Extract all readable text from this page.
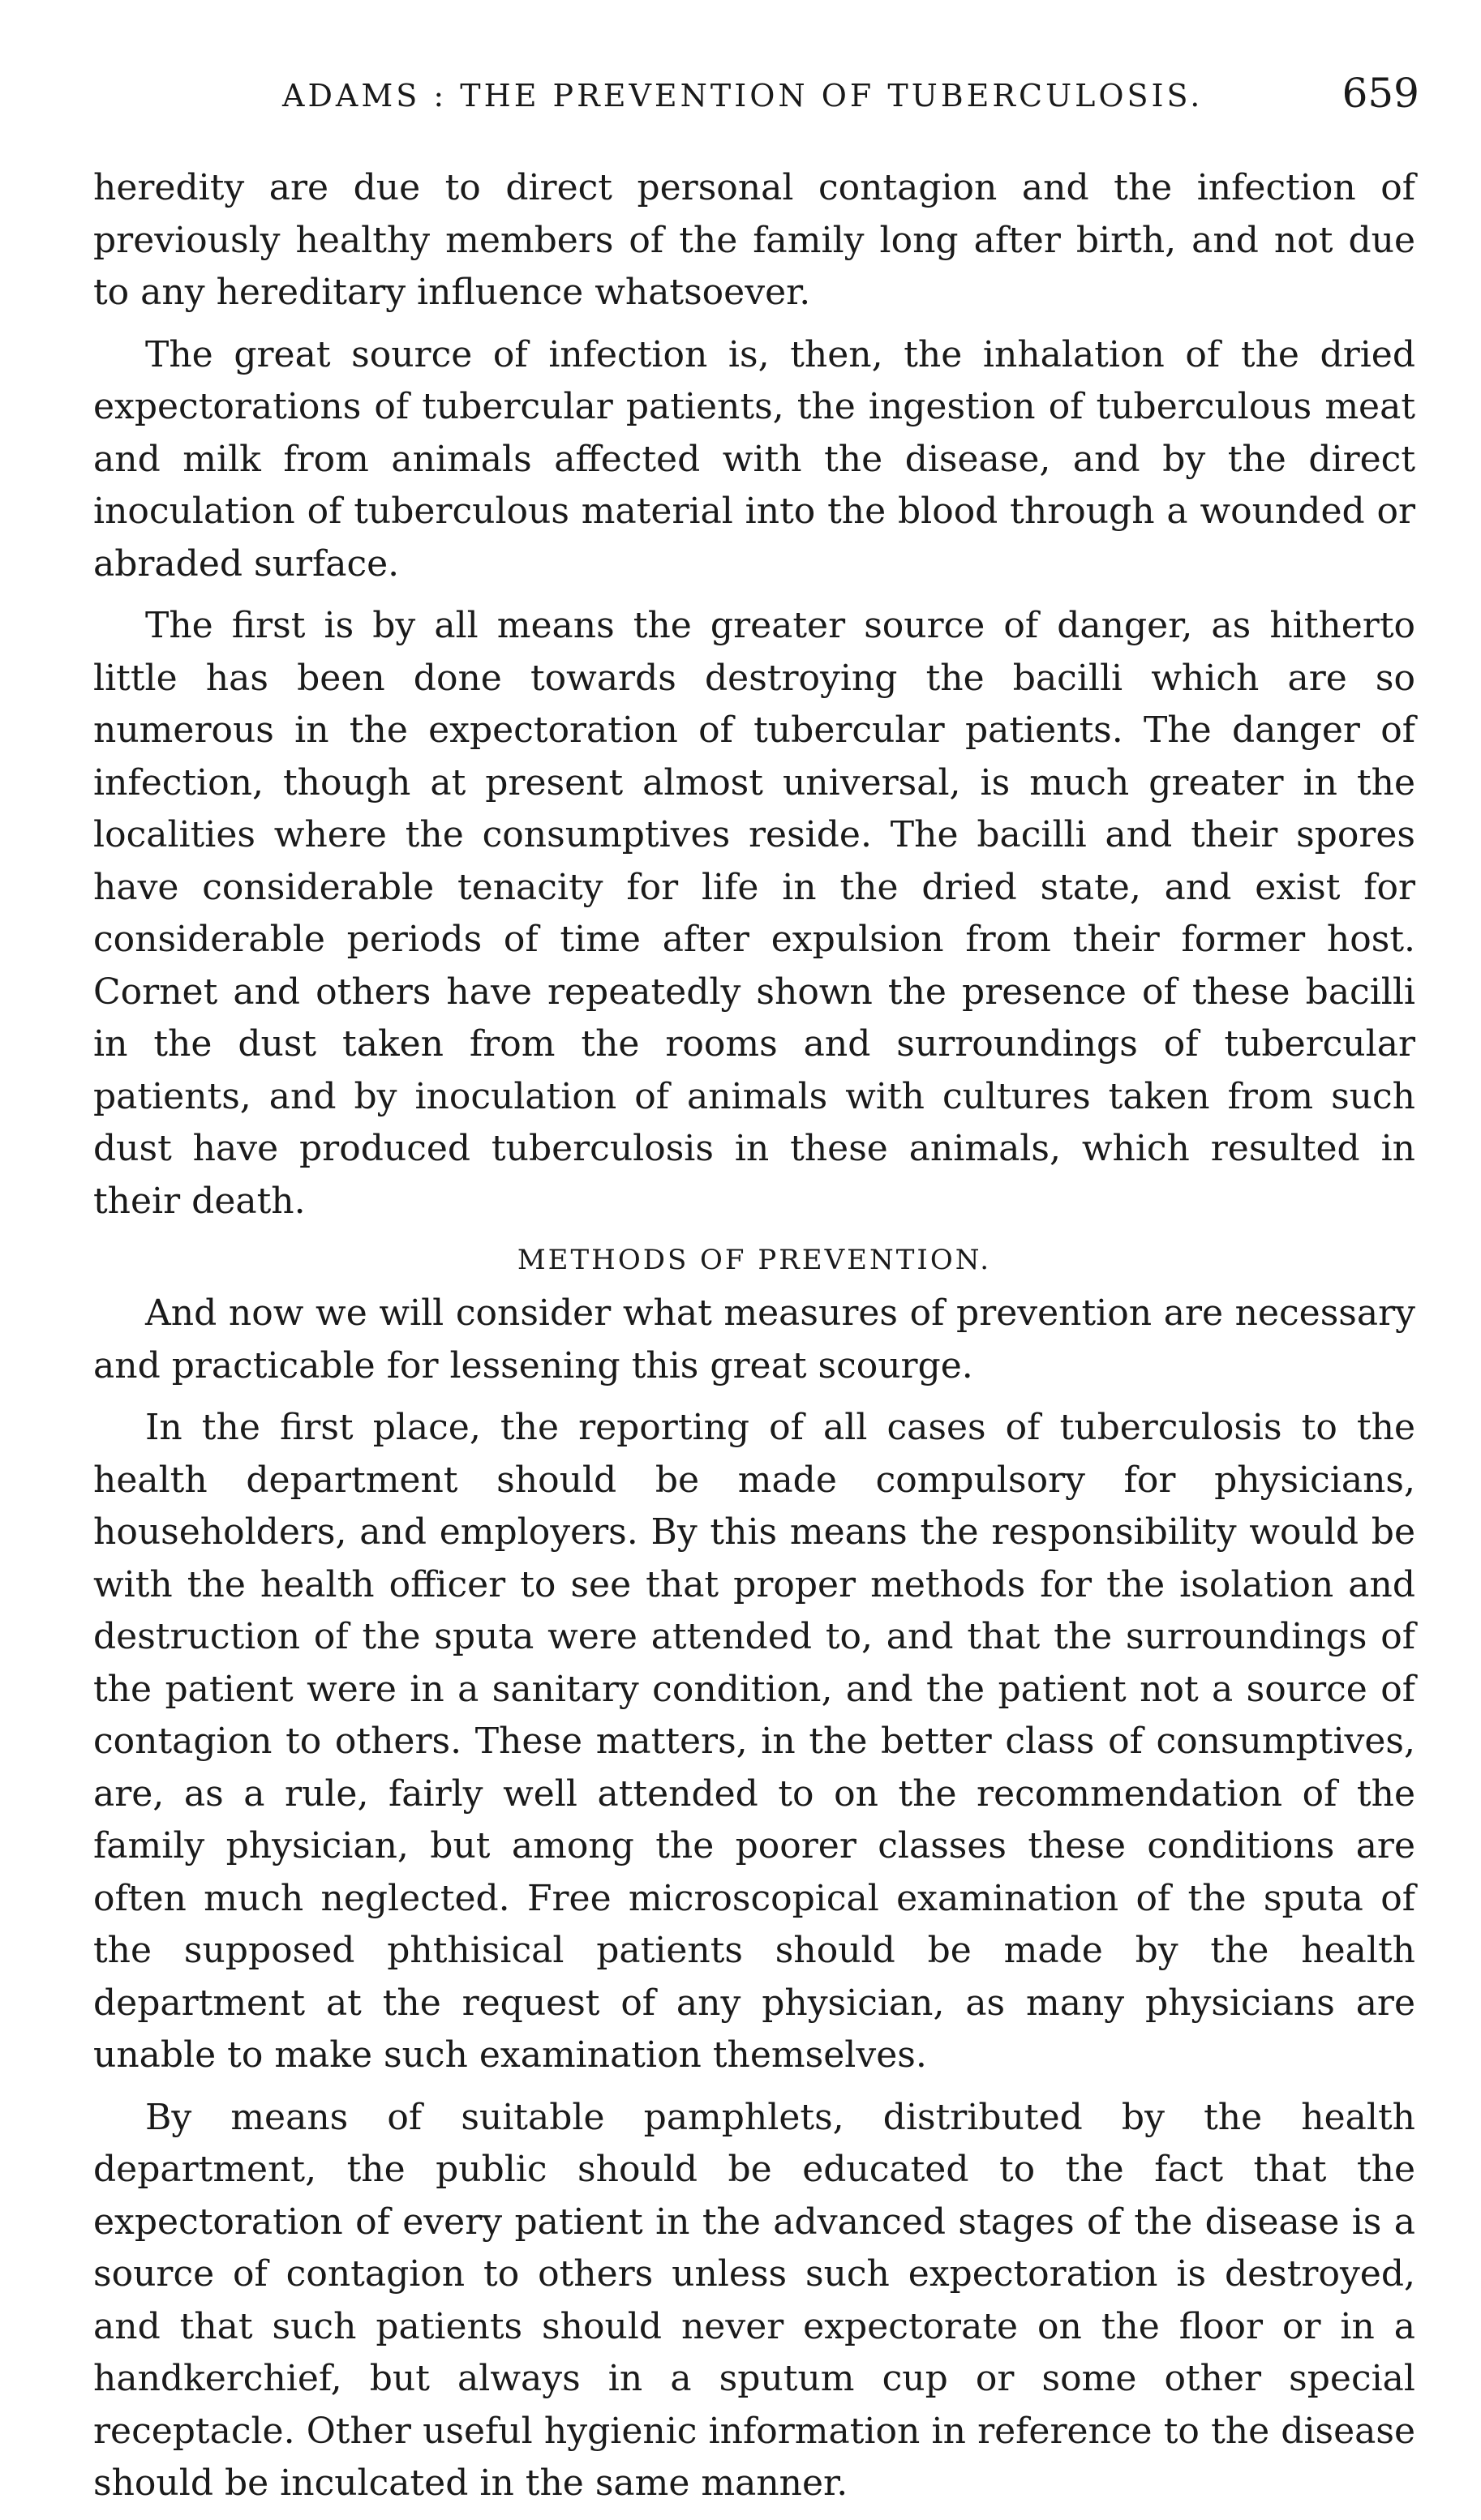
ADAMS : THE PREVENTION OF TUBERCULOSIS.	659

heredity are due to direct personal contagion and the infection of previously healthy members of the family long after birth, and not due to any hereditary influence whatsoever.

The great source of infection is, then, the inhalation of the dried expectorations of tubercular patients, the ingestion of tuberculous meat and milk from animals affected with the disease, and by the direct inoculation of tuberculous material into the blood through a wounded or abraded surface.

The first is by all means the greater source of danger, as hitherto little has been done towards destroying the bacilli which are so numerous in the expectoration of tubercular patients. The danger of infection, though at present almost universal, is much greater in the localities where the consumptives reside. The bacilli and their spores have considerable tenacity for life in the dried state, and exist for considerable periods of time after expulsion from their former host. Cornet and others have repeatedly shown the presence of these bacilli in the dust taken from the rooms and surroundings of tubercular patients, and by inoculation of animals with cultures taken from such dust have produced tuberculosis in these animals, which resulted in their death.

METHODS OF PREVENTION.

And now we will consider what measures of prevention are necessary and practicable for lessening this great scourge.

In the first place, the reporting of all cases of tuberculosis to the health department should be made compulsory for physicians, householders, and employers. By this means the responsibility would be with the health officer to see that proper methods for the isolation and destruction of the sputa were attended to, and that the surroundings of the patient were in a sanitary condition, and the patient not a source of contagion to others. These matters, in the better class of consumptives, are, as a rule, fairly well attended to on the recommendation of the family physician, but among the poorer classes these conditions are often much neglected. Free microscopical examination of the sputa of the supposed phthisical patients should be made by the health department at the request of any physician, as many physicians are unable to make such examination themselves.

By means of suitable pamphlets, distributed by the health department, the public should be educated to the fact that the expectoration of every patient in the advanced stages of the disease is a source of contagion to others unless such expectoration is destroyed, and that such patients should never expectorate on the floor or in a handkerchief, but always in a sputum cup or some other special receptacle. Other useful hygienic information in reference to the disease should be inculcated in the same manner.
